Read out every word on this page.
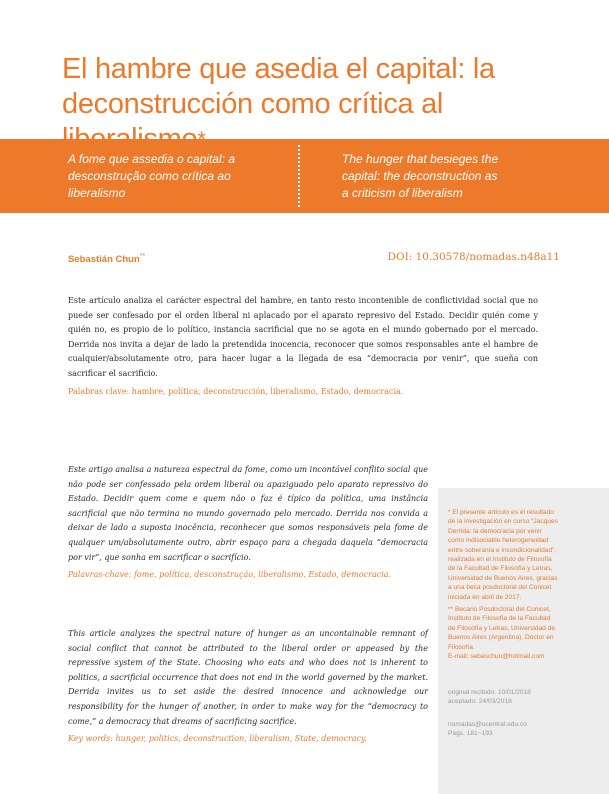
El hambre que asedia el capital: la
deconstrucción como crítica al
A fome que assedia o capital: a
desconstrução como crítica ao
liberalismo
The hunger that besieges the
capital: the deconstruction as
a criticism of liberalism
Sebastián Chun**	DOI: 10.30578/nomadas.n48a11
Este artículo analiza el carácter espectral del hambre, en tanto resto incontenible de conflictividad social que no puede ser confesado por el orden liberal ni aplacado por el aparato represivo del Estado. Decidir quién come y quién no, es propio de lo político, instancia sacrificial que no se agota en el mundo gobernado por el mercado. Derrida nos invita a dejar de lado la pretendida inocencia, reconocer que somos responsables ante el hambre de cualquier/absolutamente otro, para hacer lugar a la llegada de esa “democracia por venir”, que sueña con sacrificar el sacrificio.
Palabras clave: hambre, política, deconstrucción, liberalismo, Estado, democracia.
Este artigo analisa a natureza espectral da fome, como um incontável conflito social que não pode ser confessado pela ordem liberal ou apaziguado pelo aparato repressivo do Estado. Decidir quem come e quem não o faz é típico da política, uma instância sacrificial que não termina no mundo governado pelo mercado. Derrida nos convida a deixar de lado a suposta inocência, reconhecer que somos responsáveis pela fome de qualquer um/absolutamente outro, abrir espaço para a chegada daquela “democracia por vir”, que sonha em sacrificar o sacrifício.
Palavras-chave: fome, política, desconstrução, liberalismo, Estado, democracia.
This article analyzes the spectral nature of hunger as an uncontainable remnant of social conflict that cannot be attributed to the liberal order or appeased by the repressive system of the State. Choosing who eats and who does not is inherent to politics, a sacrificial occurrence that does not end in the world governed by the market. Derrida invites us to set aside the desired innocence and acknowledge our responsibility for the hunger of another, in order to make way for the “democracy to come,” a democracy that dreams of sacrificing sacrifice.
Key words: hunger, politics, deconstruction, liberalism, State, democracy.
* El presente artículo es el resultado de la investigación en curso “Jacques Derrida: la democracia por venir como indisociable heterogeneidad entre soberanía e incondicionalidad”, realizada en el Instituto de Filosofía de la Facultad de Filosofía y Letras, Universidad de Buenos Aires, gracias a una beca posdoctoral del Conicet iniciada en abril de 2017.
** Becario Posdoctoral del Conicet, Instituto de Filosofía de la Facultad de Filosofía y Letras, Universidad de Buenos Aires (Argentina). Doctor en Filosofía.
E-mail: sebaschun@hotmail.com
original recibido: 10/01/2018
aceptado: 24/03/2018
nomadas@ucentral.edu.co
Págs. 181~193
